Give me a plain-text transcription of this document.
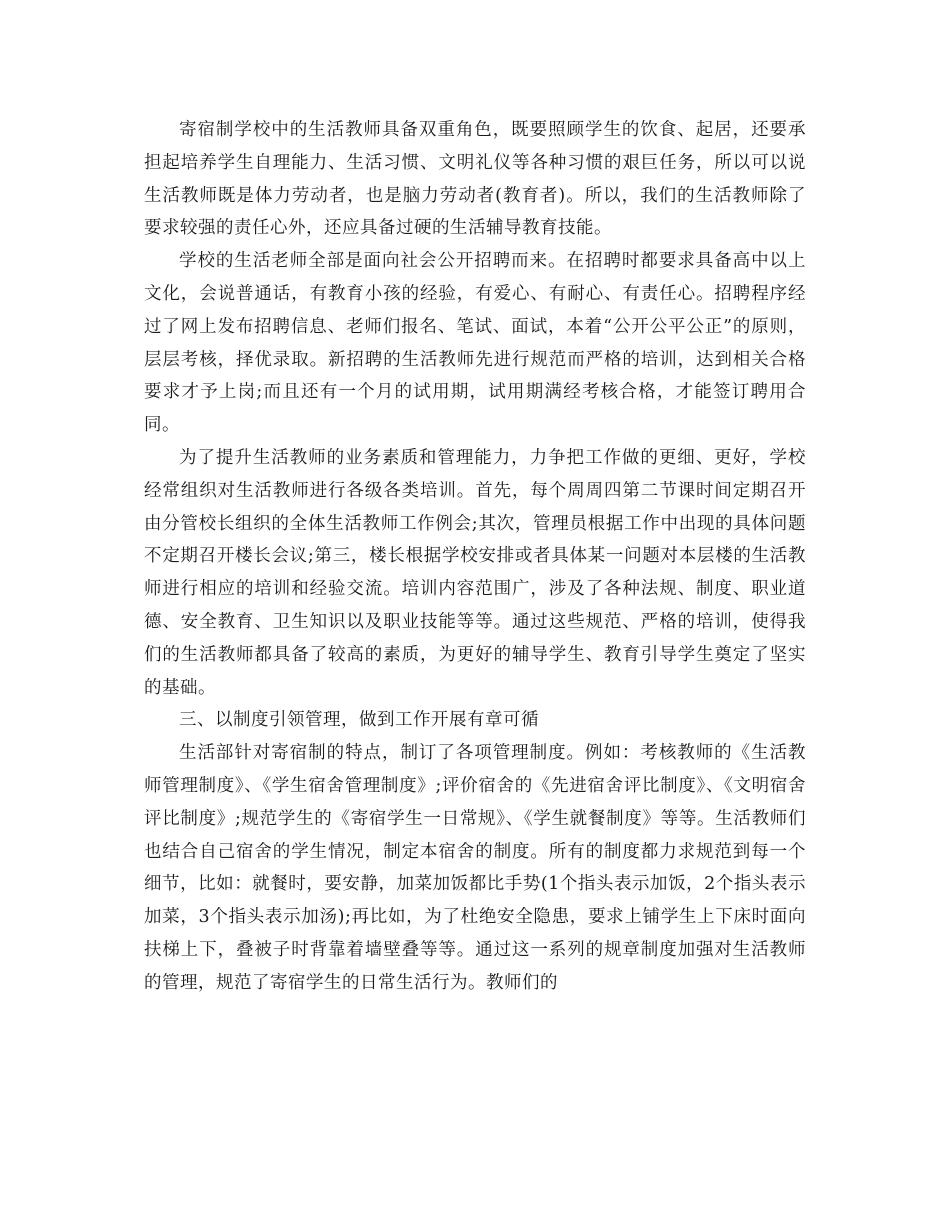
寄宿制学校中的生活教师具备双重角色，既要照顾学生的饮食、起居，还要承担起培养学生自理能力、生活习惯、文明礼仪等各种习惯的艰巨任务，所以可以说生活教师既是体力劳动者，也是脑力劳动者(教育者)。所以，我们的生活教师除了要求较强的责任心外，还应具备过硬的生活辅导教育技能。

学校的生活老师全部是面向社会公开招聘而来。在招聘时都要求具备高中以上文化，会说普通话，有教育小孩的经验，有爱心、有耐心、有责任心。招聘程序经过了网上发布招聘信息、老师们报名、笔试、面试，本着“公开公平公正”的原则，层层考核，择优录取。新招聘的生活教师先进行规范而严格的培训，达到相关合格要求才予上岗;而且还有一个月的试用期，试用期满经考核合格，才能签订聘用合同。

为了提升生活教师的业务素质和管理能力，力争把工作做的更细、更好，学校经常组织对生活教师进行各级各类培训。首先，每个周周四第二节课时间定期召开由分管校长组织的全体生活教师工作例会;其次，管理员根据工作中出现的具体问题不定期召开楼长会议;第三，楼长根据学校安排或者具体某一问题对本层楼的生活教师进行相应的培训和经验交流。培训内容范围广，涉及了各种法规、制度、职业道德、安全教育、卫生知识以及职业技能等等。通过这些规范、严格的培训，使得我们的生活教师都具备了较高的素质，为更好的辅导学生、教育引导学生奠定了坚实的基础。

三、以制度引领管理，做到工作开展有章可循

生活部针对寄宿制的特点，制订了各项管理制度。例如：考核教师的《生活教师管理制度》、《学生宿舍管理制度》;评价宿舍的《先进宿舍评比制度》、《文明宿舍评比制度》;规范学生的《寄宿学生一日常规》、《学生就餐制度》等等。生活教师们也结合自己宿舍的学生情况，制定本宿舍的制度。所有的制度都力求规范到每一个细节，比如：就餐时，要安静，加菜加饭都比手势(1个指头表示加饭，2个指头表示加菜，3个指头表示加汤);再比如，为了杜绝安全隐患，要求上铺学生上下床时面向扶梯上下，叠被子时背靠着墙壁叠等等。通过这一系列的规章制度加强对生活教师的管理，规范了寄宿学生的日常生活行为。教师们的
